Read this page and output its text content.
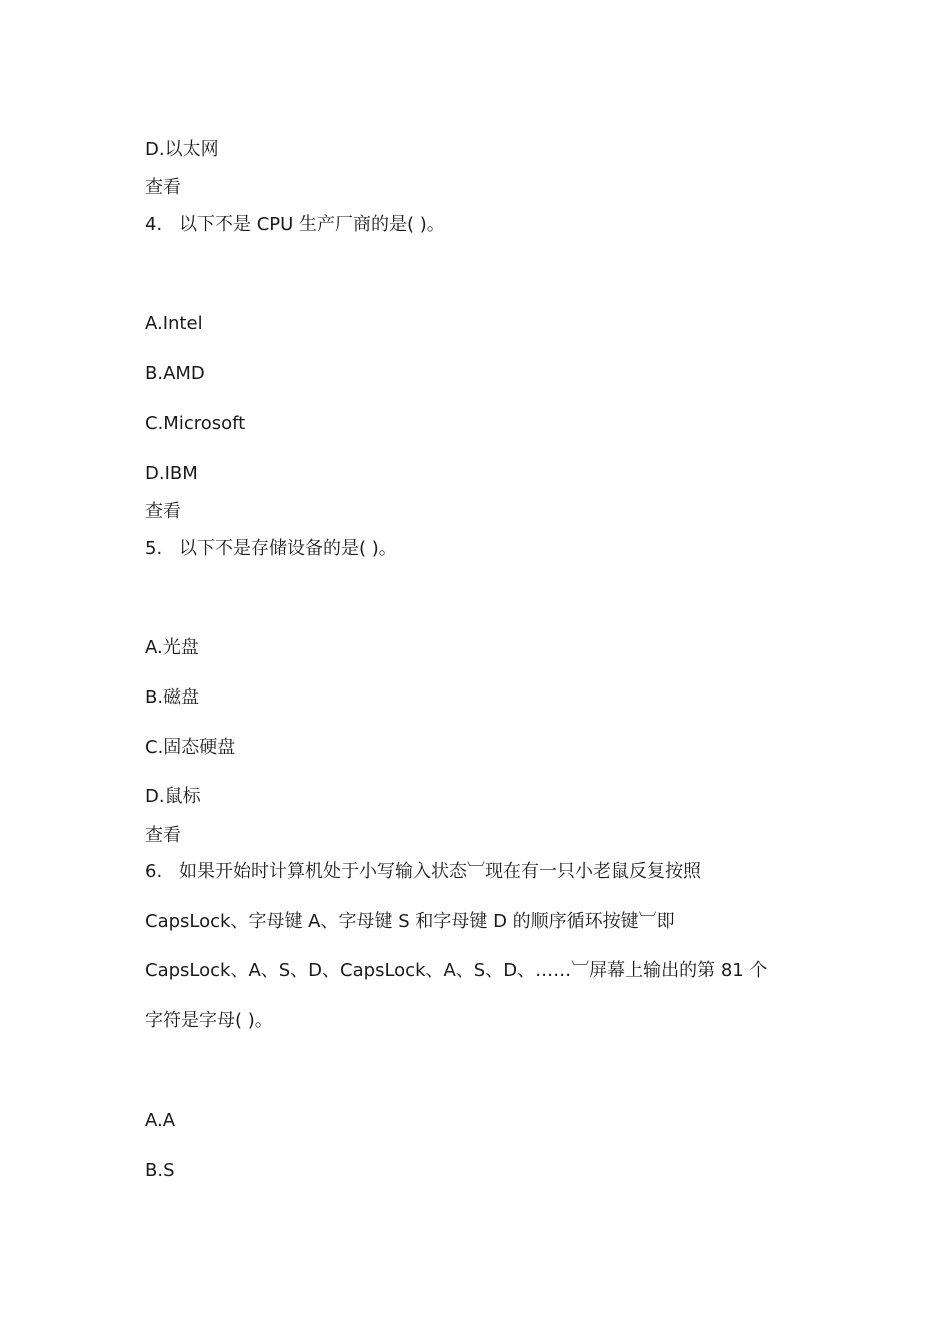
D.以太网

查看

4. 以下不是 CPU 生产厂商的是( )。

A.Intel

B.AMD

C.Microsoft

D.IBM

查看

5. 以下不是存储设备的是( )。

A.光盘

B.磁盘

C.固态硬盘

D.鼠标

查看

6. 如果开始时计算机处于小写输入状态︺现在有一只小老鼠反复按照

CapsLock、字母键 A、字母键 S 和字母键 D 的顺序循环按键︺即

CapsLock、A、S、D、CapsLock、A、S、D、……︺屏幕上输出的第 81 个

字符是字母( )。

A.A

B.S
